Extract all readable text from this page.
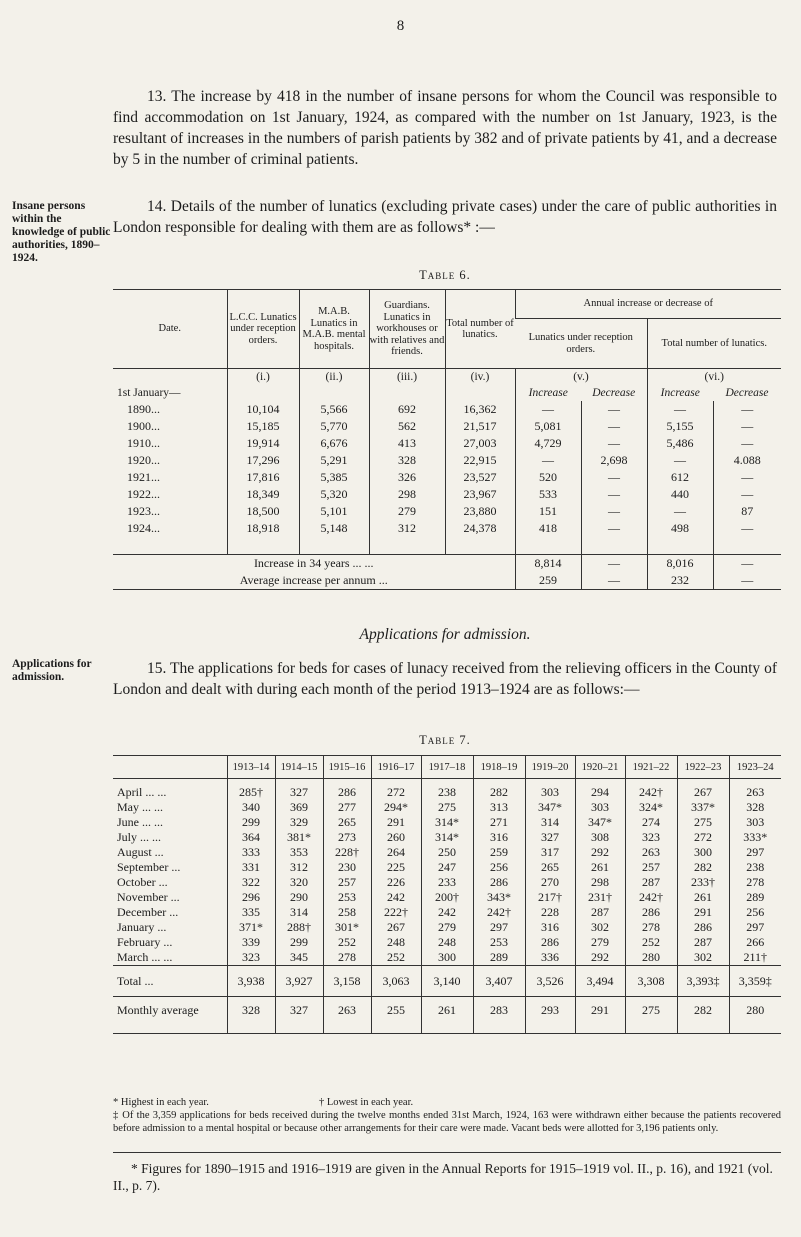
8

13. The increase by 418 in the number of insane persons for whom the Council was responsible to find accommodation on 1st January, 1924, as compared with the number on 1st January, 1923, is the resultant of increases in the numbers of parish patients by 382 and of private patients by 41, and a decrease by 5 in the number of criminal patients.

Insane persons within the knowledge of public authorities, 1890–1924.

14. Details of the number of lunatics (excluding private cases) under the care of public authorities in London responsible for dealing with them are as follows* :—

Table 6.
Date.	L.C.C. Lunatics under reception orders.	M.A.B. Lunatics in M.A.B. mental hospitals.	Guardians. Lunatics in workhouses or with relatives and friends.	Total number of lunatics.	Annual increase or decrease of			
					Lunatics under reception orders.		Total number of lunatics.	
	(i.)	(ii.)	(iii.)	(iv.)	(v.)		(vi.)	
1st January—					Increase	Decrease	Increase	Decrease
1890...	10,104	5,566	692	16,362	—	—	—	—
1900...	15,185	5,770	562	21,517	5,081	—	5,155	—
1910...	19,914	6,676	413	27,003	4,729	—	5,486	—
1920...	17,296	5,291	328	22,915	—	2,698	—	4.088
1921...	17,816	5,385	326	23,527	520	—	612	—
1922...	18,349	5,320	298	23,967	533	—	440	—
1923...	18,500	5,101	279	23,880	151	—	—	87
1924...	18,918	5,148	312	24,378	418	—	498	—

Increase in 34 years ... ...					8,814	—	8,016	—
Average increase per annum ...					259	—	232	—
Applications for admission.

Applications for admission.	15. The applications for beds for cases of lunacy received from the relieving officers in the County of London and dealt with during each month of the period 1913–1924 are as follows:—

Table 7.
	1913–14	1914–15	1915–16	1916–17	1917–18	1918–19	1919–20	1920–21	1921–22	1922–23	1923–24
April ... ...	285†	327	286	272	238	282	303	294	242†	267	263
May ... ...	340	369	277	294*	275	313	347*	303	324*	337*	328
June ... ...	299	329	265	291	314*	271	314	347*	274	275	303
July ... ...	364	381*	273	260	314*	316	327	308	323	272	333*
August ...	333	353	228†	264	250	259	317	292	263	300	297
September ...	331	312	230	225	247	256	265	261	257	282	238
October ...	322	320	257	226	233	286	270	298	287	233†	278
November ...	296	290	253	242	200†	343*	217†	231†	242†	261	289
December ...	335	314	258	222†	242	242†	228	287	286	291	256
January ...	371*	288†	301*	267	279	297	316	302	278	286	297
February ...	339	299	252	248	248	253	286	279	252	287	266
March ... ...	323	345	278	252	300	289	336	292	280	302	211†
Total ...	3,938	3,927	3,158	3,063	3,140	3,407	3,526	3,494	3,308	3,393‡	3,359‡
Monthly average	328	327	263	255	261	283	293	291	275	282	280
* Highest in each year.	† Lowest in each year.

‡ Of the 3,359 applications for beds received during the twelve months ended 31st March, 1924, 163 were withdrawn either because the patients recovered before admission to a mental hospital or because other arrangements for their care were made. Vacant beds were allotted for 3,196 patients only.

* Figures for 1890–1915 and 1916–1919 are given in the Annual Reports for 1915–1919 vol. II., p. 16), and 1921 (vol. II., p. 7).
